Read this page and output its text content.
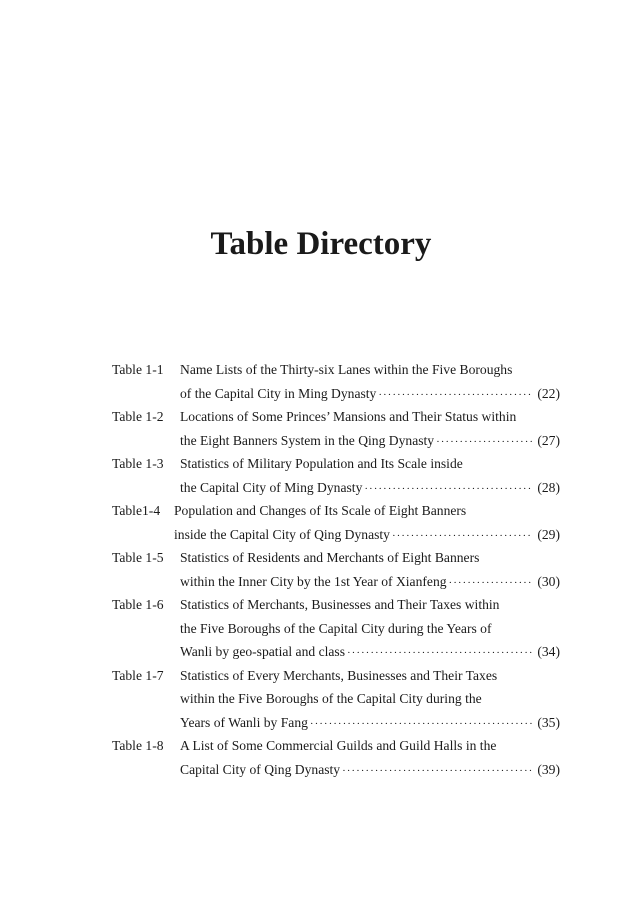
Table Directory
Table 1-1 Name Lists of the Thirty-six Lanes within the Five Boroughs
of the Capital City in Ming Dynasty ·····	(22)
Table 1-2 Locations of Some Princes’ Mansions and Their Status within
the Eight Banners System in the Qing Dynasty ·····	(27)
Table 1-3 Statistics of Military Population and Its Scale inside
the Capital City of Ming Dynasty ·····	(28)
Table1-4 Population and Changes of Its Scale of Eight Banners
inside the Capital City of Qing Dynasty ·····	(29)
Table 1-5 Statistics of Residents and Merchants of Eight Banners
within the Inner City by the 1st Year of Xianfeng ·····	(30)
Table 1-6 Statistics of Merchants, Businesses and Their Taxes within
the Five Boroughs of the Capital City during the Years of
Wanli by geo-spatial and class ·····	(34)
Table 1-7 Statistics of Every Merchants, Businesses and Their Taxes
within the Five Boroughs of the Capital City during the
Years of Wanli by Fang ·····	(35)
Table 1-8 A List of Some Commercial Guilds and Guild Halls in the
Capital City of Qing Dynasty ·····	(39)
